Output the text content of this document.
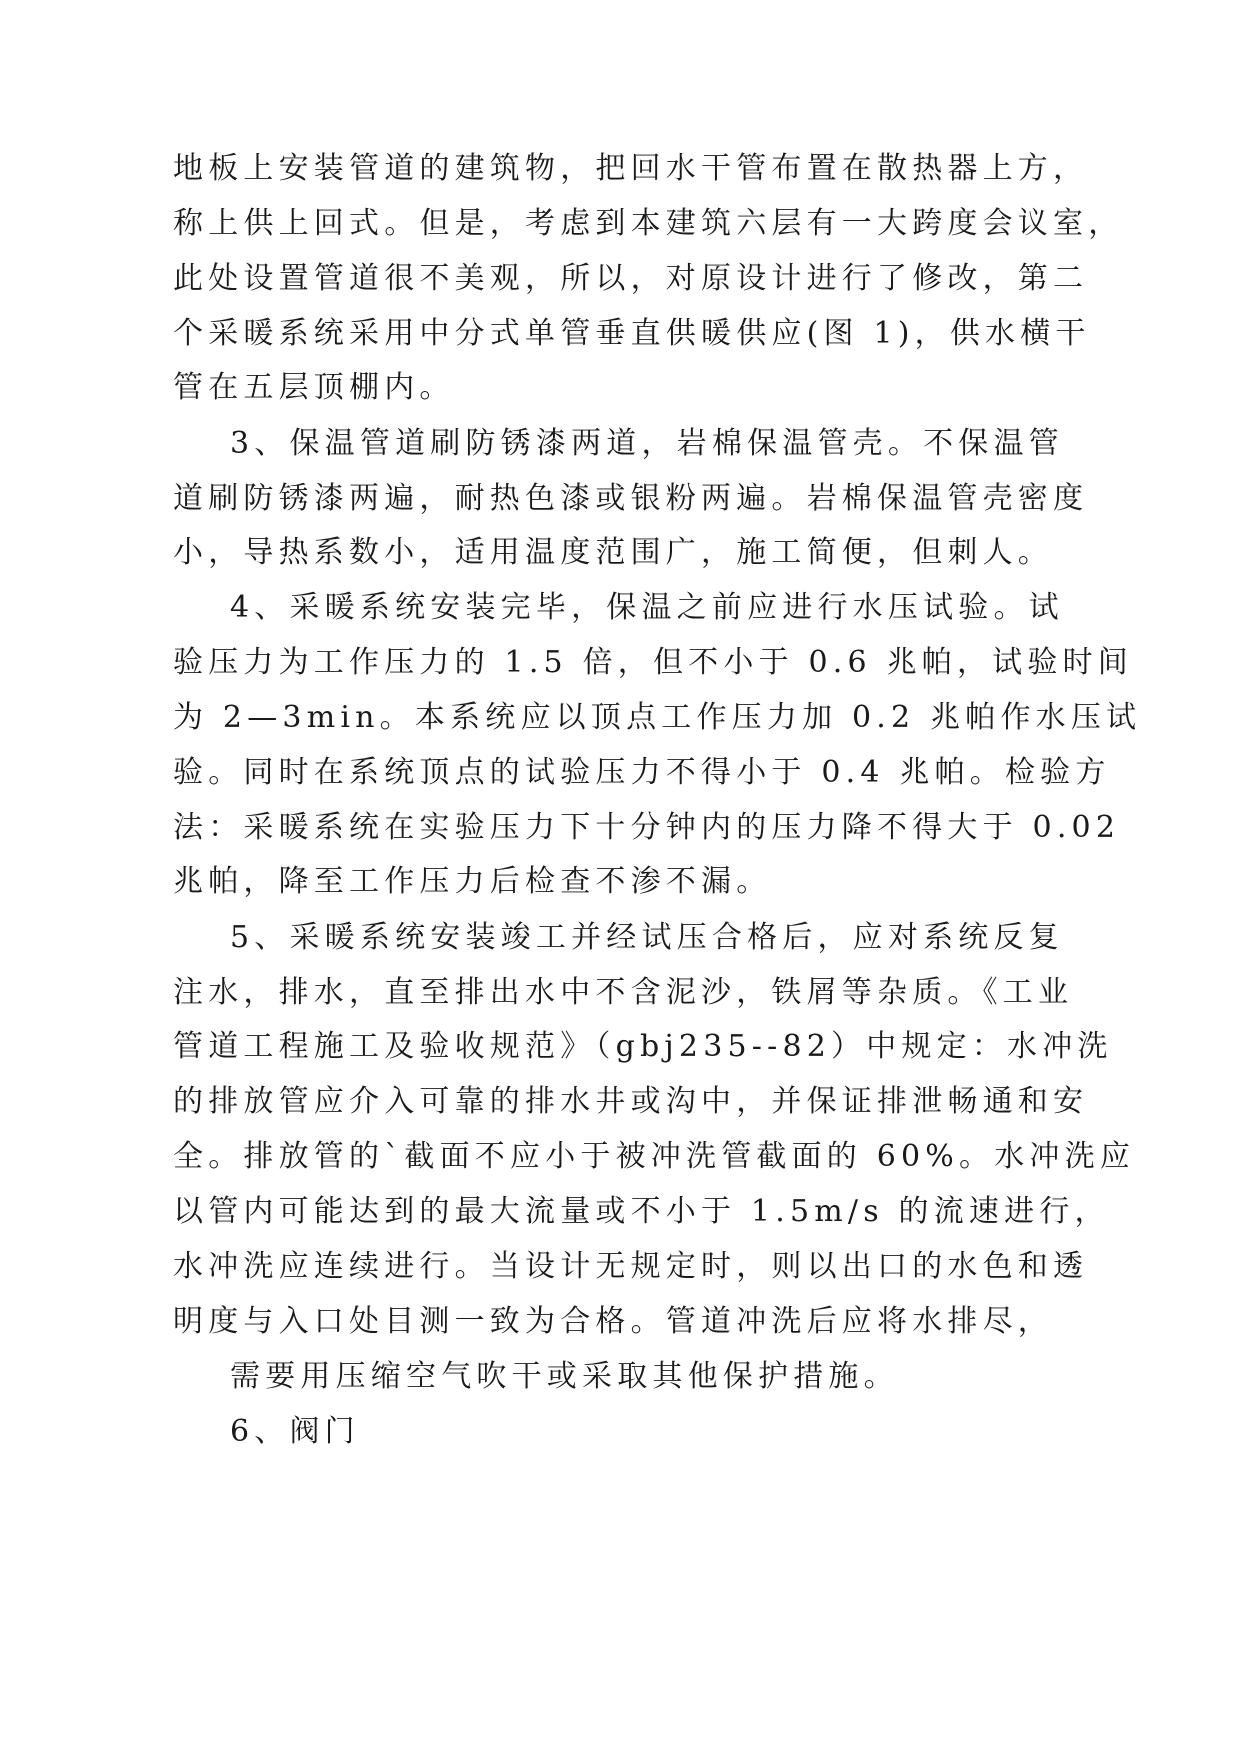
地板上安装管道的建筑物，把回水干管布置在散热器上方，

称上供上回式。但是，考虑到本建筑六层有一大跨度会议室，

此处设置管道很不美观，所以，对原设计进行了修改，第二

个采暖系统采用中分式单管垂直供暖供应(图 1)，供水横干

管在五层顶棚内。

3、保温管道刷防锈漆两道，岩棉保温管壳。不保温管

道刷防锈漆两遍，耐热色漆或银粉两遍。岩棉保温管壳密度

小，导热系数小，适用温度范围广，施工简便，但刺人。

4、采暖系统安装完毕，保温之前应进行水压试验。试

验压力为工作压力的 1.5 倍，但不小于 0.6 兆帕，试验时间

为 2—3min。本系统应以顶点工作压力加 0.2 兆帕作水压试

验。同时在系统顶点的试验压力不得小于 0.4 兆帕。检验方

法：采暖系统在实验压力下十分钟内的压力降不得大于 0.02

兆帕，降至工作压力后检查不渗不漏。

5、采暖系统安装竣工并经试压合格后，应对系统反复

注水，排水，直至排出水中不含泥沙，铁屑等杂质。《工业

管道工程施工及验收规范》（gbj235--82）中规定：水冲洗

的排放管应介入可靠的排水井或沟中，并保证排泄畅通和安

全。排放管的`截面不应小于被冲洗管截面的 60%。水冲洗应

以管内可能达到的最大流量或不小于 1.5m/s 的流速进行，

水冲洗应连续进行。当设计无规定时，则以出口的水色和透

明度与入口处目测一致为合格。管道冲洗后应将水排尽，

需要用压缩空气吹干或采取其他保护措施。

6、阀门
